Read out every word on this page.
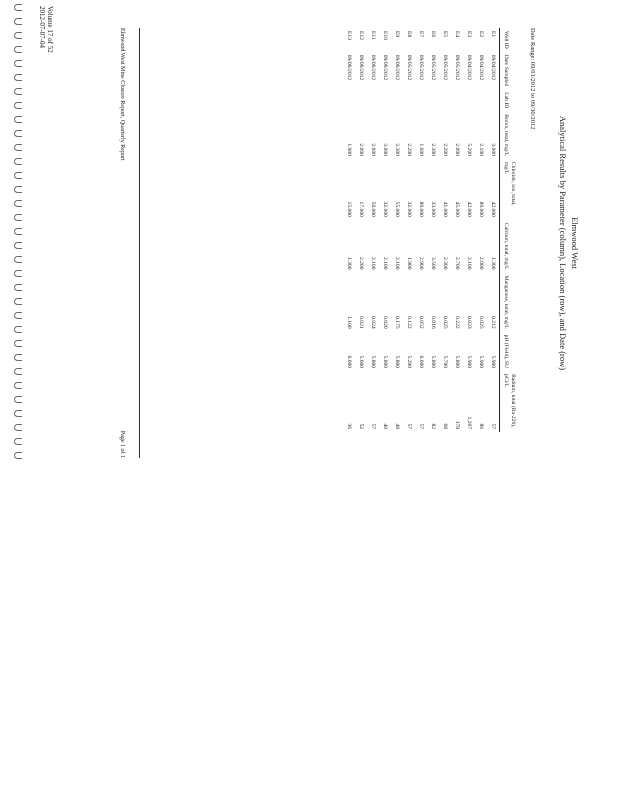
Volume 17 of 52
2012-07-07-04
Elmwood West
Analytical Results by Parameter (column), Location (row), and Date (row)
Date Range: 09/01/2012 to 09/30/2012
Well ID	Date Sampled	Lab ID	Boron, total, mg/L	Chloride, ion, total, mg/L	Calcium, total, mg/L	Manganese, total, mg/L	pH (Field), SU	Radium, total (Ra-226), pCi/L
E1	09/04/2012		3.000	42.000	1.300	0.212	5.900	57
E2	09/04/2012		2.100	80.000	2.000	0.025	5.900	86
E3	09/04/2012		5.200	42.000	2.100	0.023	5.900	1,207
E4	09/05/2012		2.000	45.000	2.700	0.222	5.800	178
E5	09/05/2012		2.200	41.000	2.300	0.025	5.700	68
E6	09/05/2012		2.300	33.000	3.500	0.016	5.800	82
E7	09/05/2012		1.600	80.000	2.900	0.052	6.000	57
E8	09/05/2012		2.200	32.000	1.900	0.122	5.200	57
E9	09/06/2012		2.300	55.000	2.100	0.175	5.800	48
E10	09/06/2012		3.000	32.000	2.100	0.020	5.800	40
E11	09/06/2012		2.000	50.000	2.100	0.024	5.800	57
E12	09/06/2012		2.000	17.000	2.200	0.021	5.600	52
E13	09/06/2012		1.900	15.000	1.300	1.100	6.000	36
Elmwood West Mine Closure Report, Quarterly Report
Page 1 of 1
